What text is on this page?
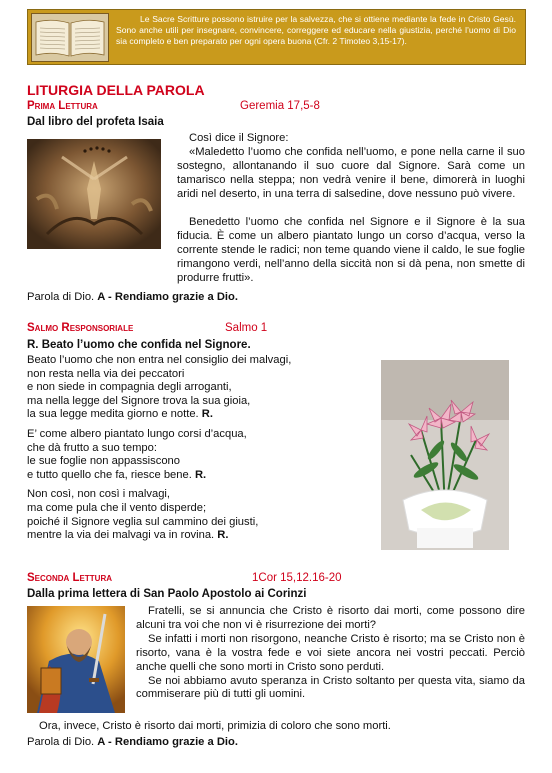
Le Sacre Scritture possono istruire per la salvezza, che si ottiene mediante la fede in Cristo Gesù. Sono anche utili per insegnare, convincere, correggere ed educare nella giustizia, perché l’uomo di Dio sia completo e ben preparato per ogni opera buona (Cfr. 2 Timoteo 3,15-17).
LITURGIA DELLA PAROLA
Prima Lettura	Geremia 17,5-8
Dal libro del profeta Isaia

Così dice il Signore:

«Maledetto l’uomo che confida nell’uomo, e pone nella carne il suo sostegno, allontanando il suo cuore dal Signore. Sarà come un tamarisco nella steppa; non vedrà venire il bene, dimorerà in luoghi aridi nel deserto, in una terra di salsedine, dove nessuno può vivere.

Benedetto l’uomo che confida nel Signore e il Signore è la sua fiducia. È come un albero piantato lungo un corso d’acqua, verso la corrente stende le radici; non teme quando viene il caldo, le sue foglie rimangono verdi, nell’anno della siccità non si dà pena, non smette di produrre frutti».

Parola di Dio. A - Rendiamo grazie a Dio.
Salmo Responsoriale	Salmo 1
R. Beato l’uomo che confida nel Signore.
Beato l’uomo che non entra nel consiglio dei malvagi,
non resta nella via dei peccatori
e non siede in compagnia degli arroganti,
ma nella legge del Signore trova la sua gioia,
la sua legge medita giorno e notte. R.
E’ come albero piantato lungo corsi d’acqua,
che dà frutto a suo tempo:
le sue foglie non appassiscono
e tutto quello che fa, riesce bene. R.
Non così, non così i malvagi,
ma come pula che il vento disperde;
poiché il Signore veglia sul cammino dei giusti,
mentre la via dei malvagi va in rovina. R.
Seconda Lettura	1Cor 15,12.16-20
Dalla prima lettera di San Paolo Apostolo ai Corinzi

Fratelli, se si annuncia che Cristo è risorto dai morti, come possono dire alcuni tra voi che non vi è risurrezione dei morti?

Se infatti i morti non risorgono, neanche Cristo è risorto; ma se Cristo non è risorto, vana è la vostra fede e voi siete ancora nei vostri peccati. Perciò anche quelli che sono morti in Cristo sono perduti.

Se noi abbiamo avuto speranza in Cristo soltanto per questa vita, siamo da commiserare più di tutti gli uomini.

Ora, invece, Cristo è risorto dai morti, primizia di coloro che sono morti.

Parola di Dio. A - Rendiamo grazie a Dio.
